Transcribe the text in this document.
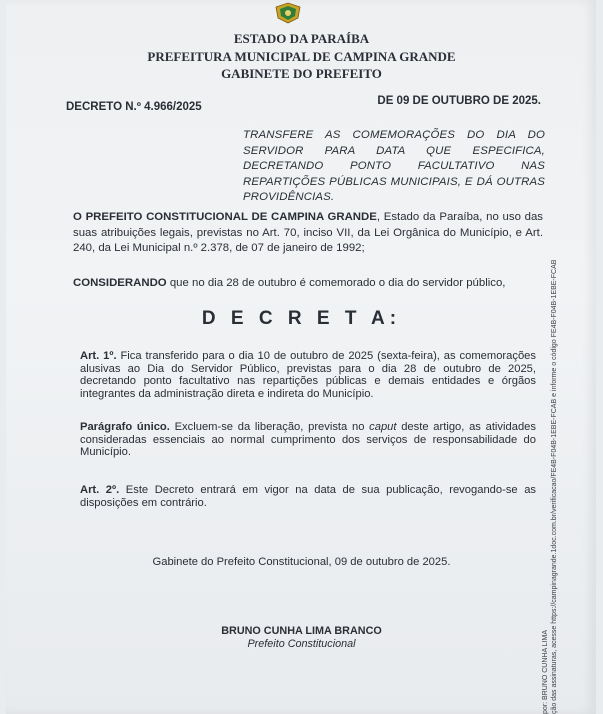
ESTADO DA PARAÍBA
PREFEITURA MUNICIPAL DE CAMPINA GRANDE
GABINETE DO PREFEITO
DECRETO N.º 4.966/2025	DE 09 DE OUTUBRO DE 2025.
TRANSFERE AS COMEMORAÇÕES DO DIA DO SERVIDOR PARA DATA QUE ESPECIFICA, DECRETANDO PONTO FACULTATIVO NAS REPARTIÇÕES PÚBLICAS MUNICIPAIS, E DÁ OUTRAS PROVIDÊNCIAS.
O PREFEITO CONSTITUCIONAL DE CAMPINA GRANDE, Estado da Paraíba, no uso das suas atribuições legais, previstas no Art. 70, inciso VII, da Lei Orgânica do Município, e Art. 240, da Lei Municipal n.º 2.378, de 07 de janeiro de 1992;
CONSIDERANDO que no dia 28 de outubro é comemorado o dia do servidor público,
D E C R E T A:
Art. 1º. Fica transferido para o dia 10 de outubro de 2025 (sexta-feira), as comemorações alusivas ao Dia do Servidor Público, previstas para o dia 28 de outubro de 2025, decretando ponto facultativo nas repartições públicas e demais entidades e órgãos integrantes da administração direta e indireta do Município.
Parágrafo único. Excluem-se da liberação, prevista no caput deste artigo, as atividades consideradas essenciais ao normal cumprimento dos serviços de responsabilidade do Município.
Art. 2º. Este Decreto entrará em vigor na data de sua publicação, revogando-se as disposições em contrário.
Gabinete do Prefeito Constitucional, 09 de outubro de 2025.
BRUNO CUNHA LIMA BRANCO
Prefeito Constitucional	por: BRUNO CUNHA LIMA ção das assinaturas, acesse https://campinagrande.1doc.com.br/verificacao/FE4B-F04B-1EBE-FCAB e informe o código FE4B-F04B-1EBE-FCAB
